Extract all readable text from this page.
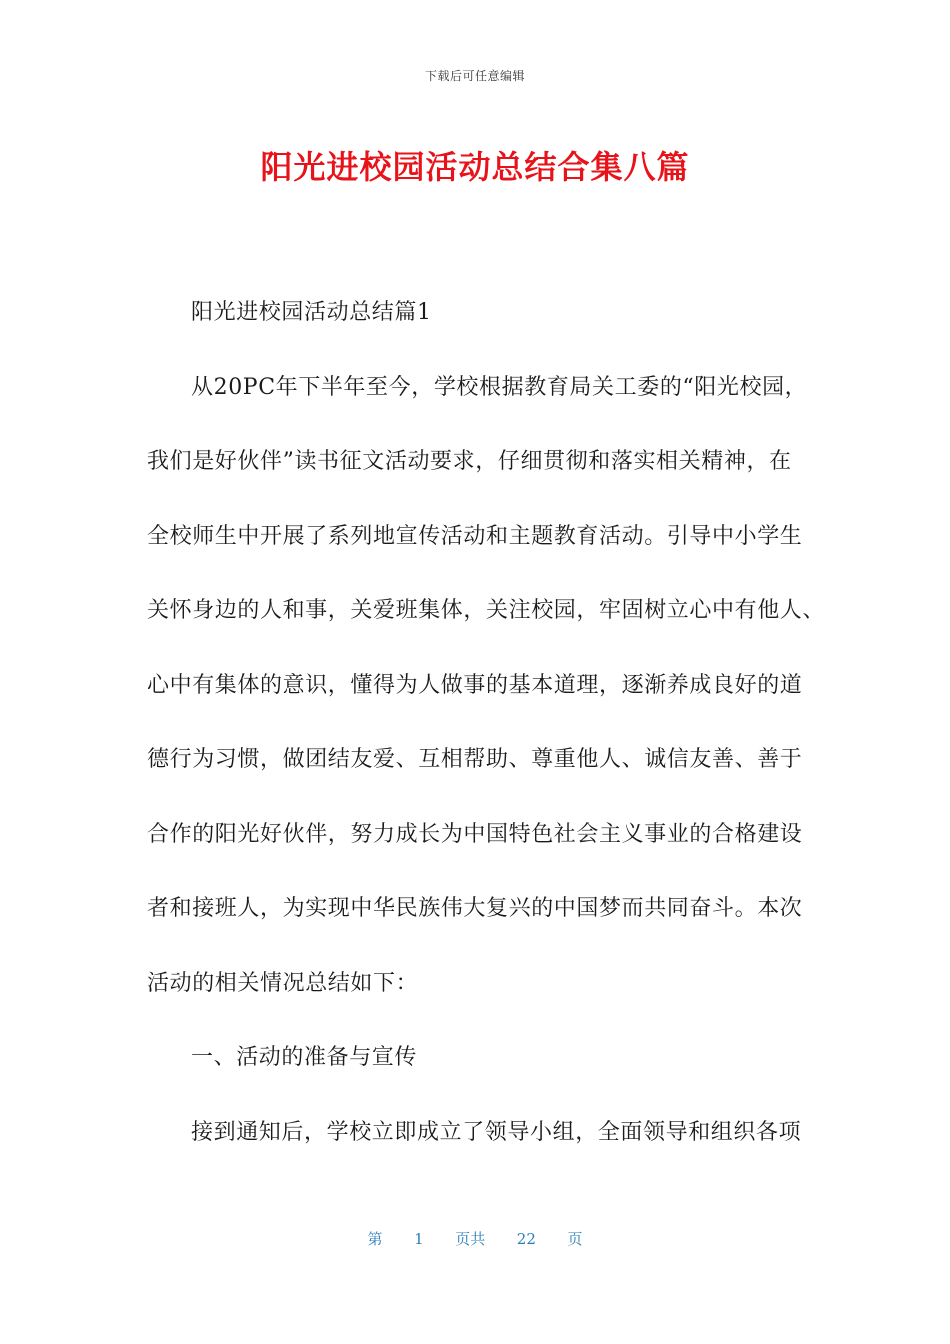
下载后可任意编辑
阳光进校园活动总结合集八篇
阳光进校园活动总结篇1
从20PC年下半年至今，学校根据教育局关工委的“阳光校园，
我们是好伙伴”读书征文活动要求，仔细贯彻和落实相关精神，在
全校师生中开展了系列地宣传活动和主题教育活动。引导中小学生
关怀身边的人和事，关爱班集体，关注校园，牢固树立心中有他人、
心中有集体的意识，懂得为人做事的基本道理，逐渐养成良好的道
德行为习惯，做团结友爱、互相帮助、尊重他人、诚信友善、善于
合作的阳光好伙伴，努力成长为中国特色社会主义事业的合格建设
者和接班人，为实现中华民族伟大复兴的中国梦而共同奋斗。本次
活动的相关情况总结如下：
一、活动的准备与宣传
接到通知后，学校立即成立了领导小组，全面领导和组织各项
第 1 页共 22 页
